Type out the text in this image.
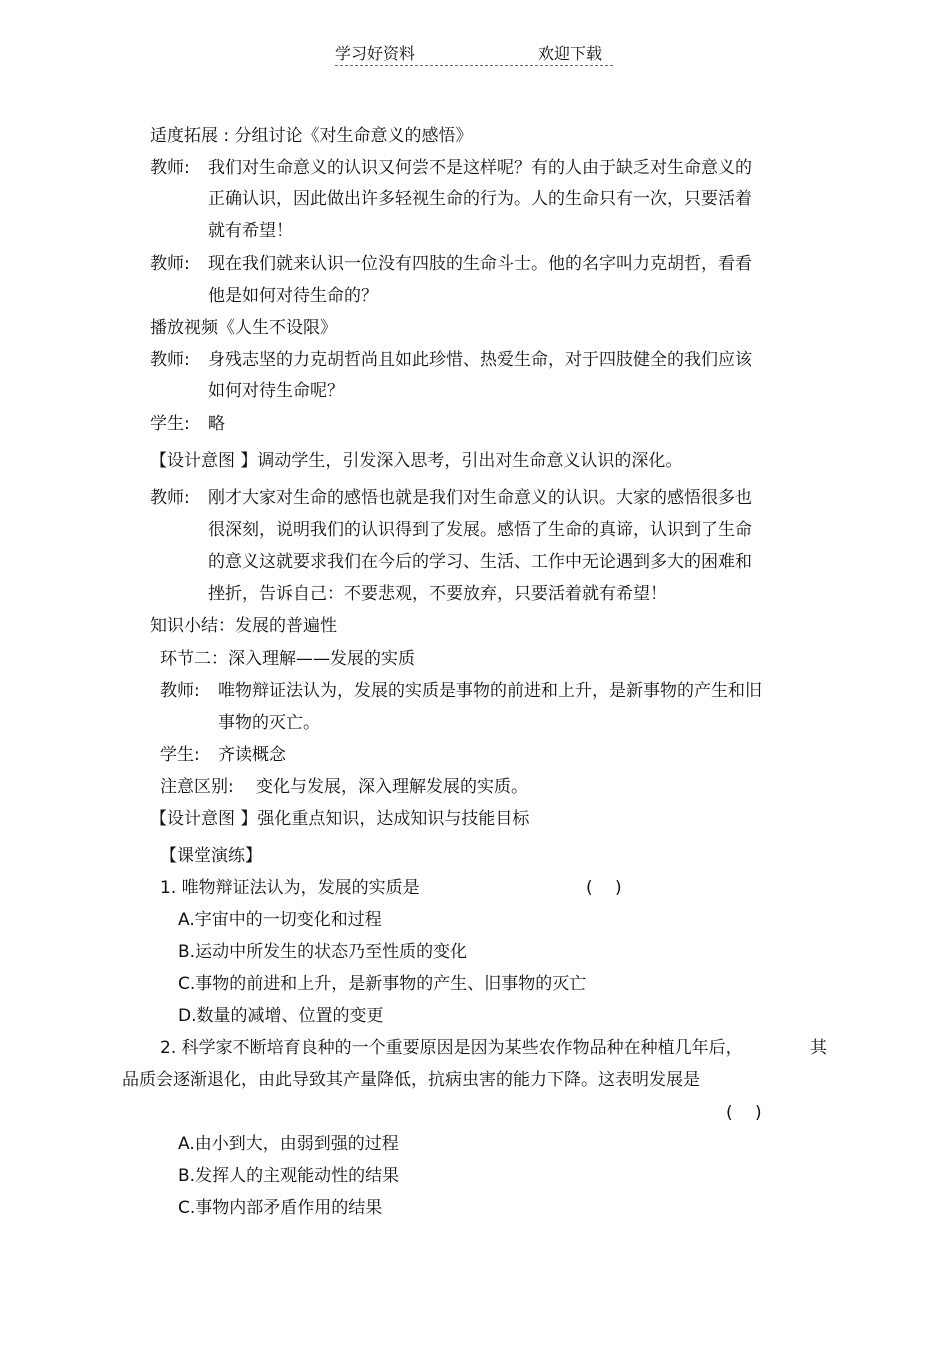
学习好资料	欢迎下载
适度拓展 : 分组讨论《对生命意义的感悟》
教师: 我们对生命意义的认识又何尝不是这样呢？有的人由于缺乏对生命意义的
正确认识，因此做出许多轻视生命的行为。人的生命只有一次，只要活着
就有希望！
教师: 现在我们就来认识一位没有四肢的生命斗士。他的名字叫力克胡哲，看看
他是如何对待生命的？
播放视频《人生不设限》
教师: 身残志坚的力克胡哲尚且如此珍惜、热爱生命，对于四肢健全的我们应该
如何对待生命呢？
学生: 略
【设计意图 】调动学生，引发深入思考，引出对生命意义认识的深化。
教师: 刚才大家对生命的感悟也就是我们对生命意义的认识。大家的感悟很多也
很深刻，说明我们的认识得到了发展。感悟了生命的真谛，认识到了生命
的意义这就要求我们在今后的学习、生活、工作中无论遇到多大的困难和
挫折，告诉自己：不要悲观，不要放弃，只要活着就有希望！
知识小结：发展的普遍性
环节二：深入理解——发展的实质
教师: 唯物辩证法认为，发展的实质是事物的前进和上升，是新事物的产生和旧
事物的灭亡。
学生: 齐读概念
注意区别: 变化与发展，深入理解发展的实质。
【设计意图 】强化重点知识，达成知识与技能目标
【课堂演练】
1. 唯物辩证法认为，发展的实质是	(　 )
A.宇宙中的一切变化和过程
B.运动中所发生的状态乃至性质的变化
C.事物的前进和上升，是新事物的产生、旧事物的灭亡
D.数量的减增、位置的变更
2. 科学家不断培育良种的一个重要原因是因为某些农作物品种在种植几年后，	其
品质会逐渐退化，由此导致其产量降低，抗病虫害的能力下降。这表明发展是
(　 )
A.由小到大，由弱到强的过程
B.发挥人的主观能动性的结果
C.事物内部矛盾作用的结果
